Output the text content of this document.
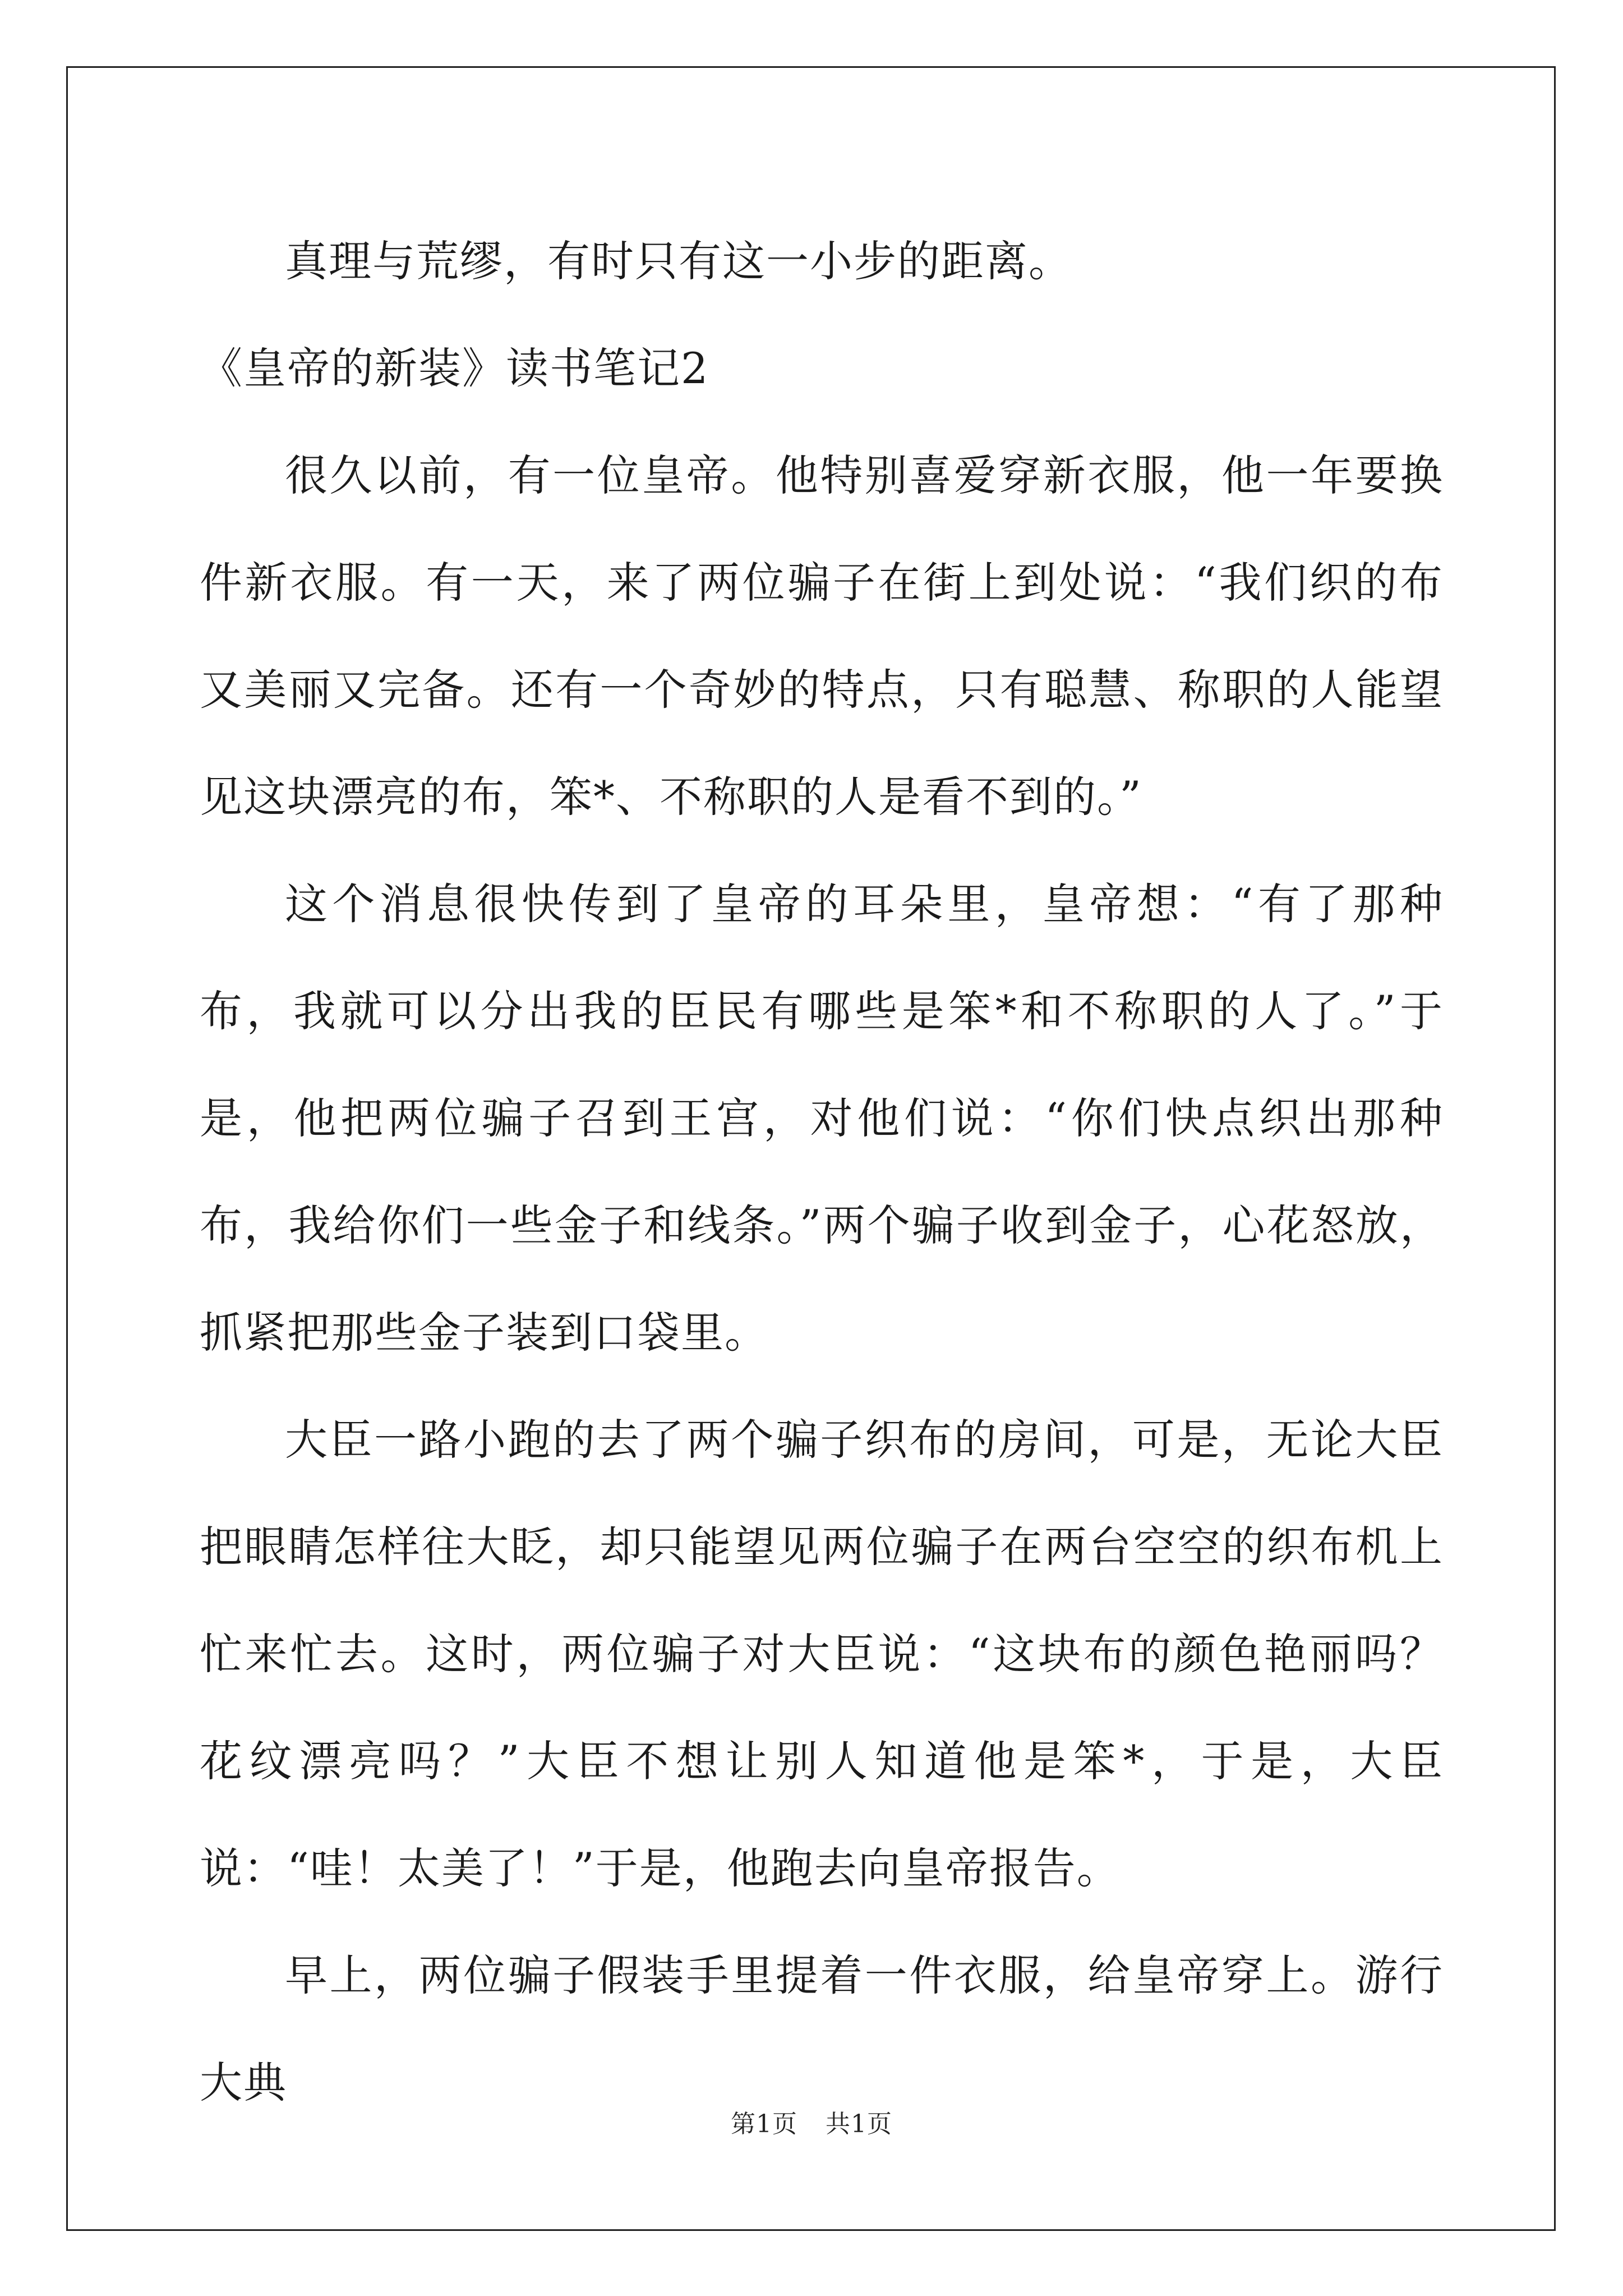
真理与荒缪，有时只有这一小步的距离。

《皇帝的新装》读书笔记2

很久以前，有一位皇帝。他特别喜爱穿新衣服，他一年要换件新衣服。有一天，来了两位骗子在街上到处说：“我们织的布又美丽又完备。还有一个奇妙的特点，只有聪慧、称职的人能望见这块漂亮的布，笨*、不称职的人是看不到的。”

这个消息很快传到了皇帝的耳朵里，皇帝想：“有了那种布，我就可以分出我的臣民有哪些是笨*和不称职的人了。”于是，他把两位骗子召到王宫，对他们说：“你们快点织出那种布，我给你们一些金子和线条。”两个骗子收到金子，心花怒放，抓紧把那些金子装到口袋里。

大臣一路小跑的去了两个骗子织布的房间，可是，无论大臣把眼睛怎样往大眨，却只能望见两位骗子在两台空空的织布机上忙来忙去。这时，两位骗子对大臣说：“这块布的颜色艳丽吗？花纹漂亮吗？”大臣不想让别人知道他是笨*，于是，大臣说：“哇！太美了！”于是，他跑去向皇帝报告。

早上，两位骗子假装手里提着一件衣服，给皇帝穿上。游行大典

第1页 共1页
